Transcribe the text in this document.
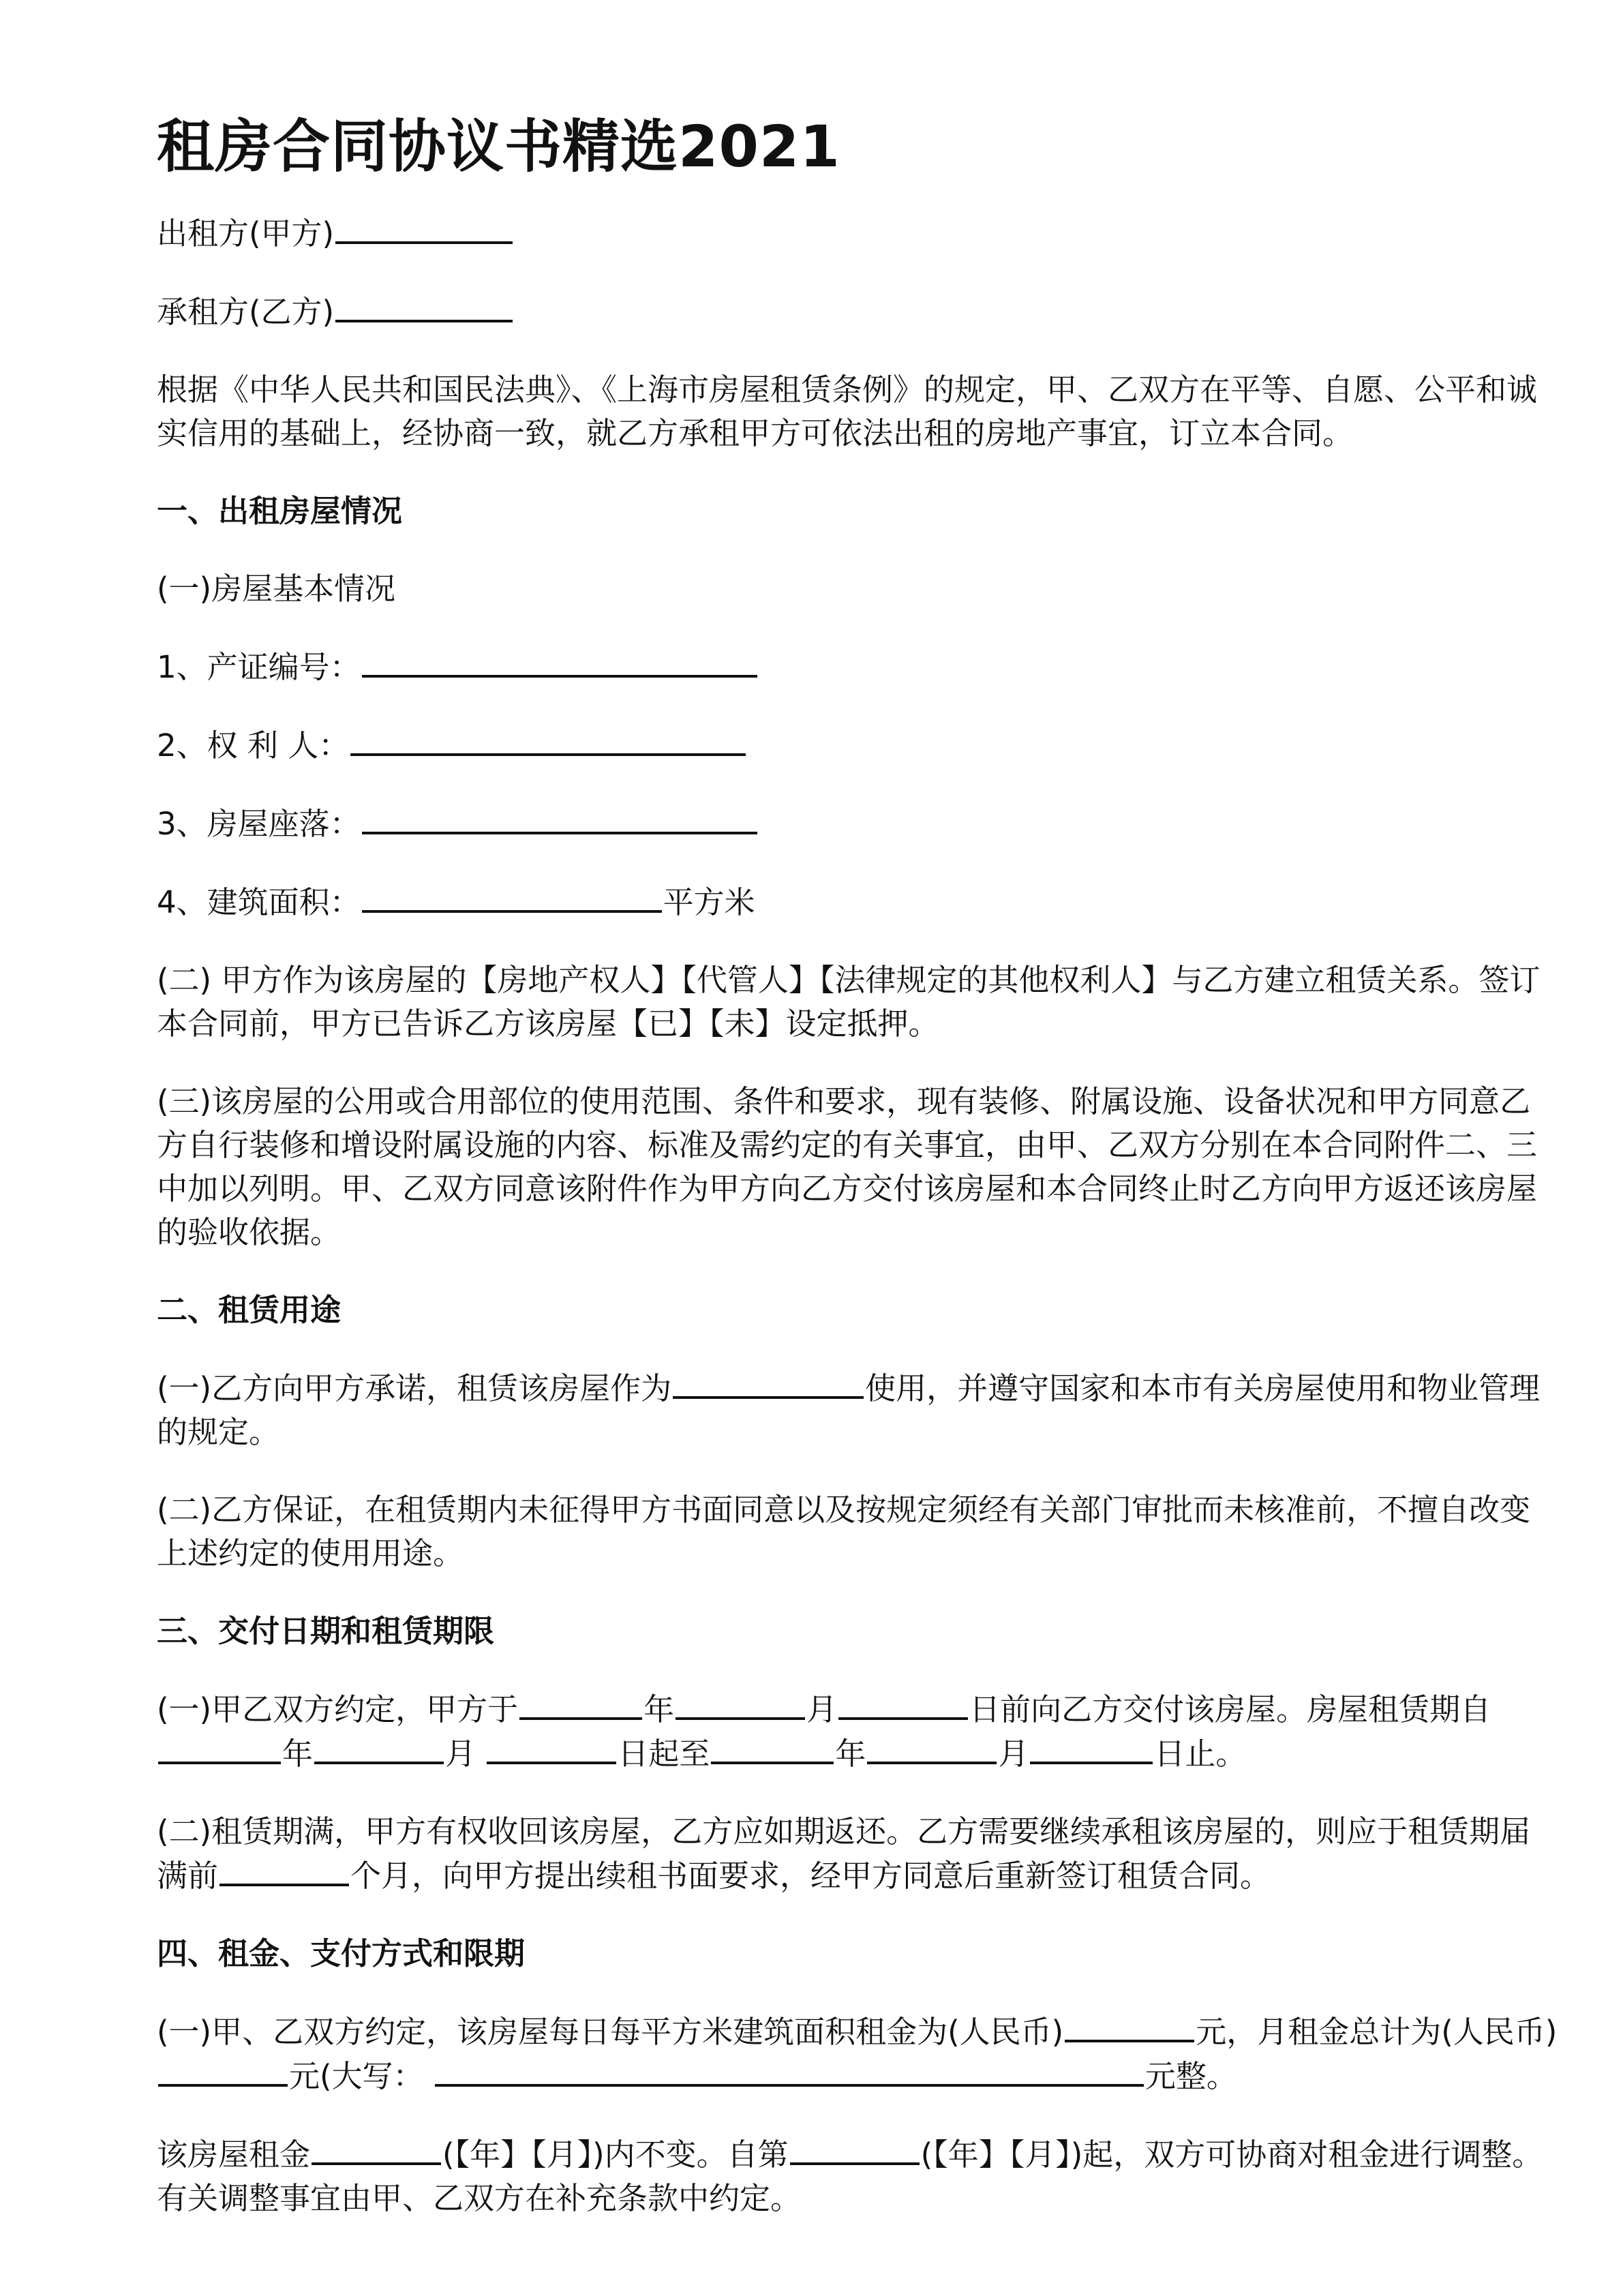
租房合同协议书精选2021

出租方(甲方)

承租方(乙方)

根据《中华人民共和国民法典》、《上海市房屋租赁条例》的规定，甲、乙双方在平等、自愿、公平和诚实信用的基础上，经协商一致，就乙方承租甲方可依法出租的房地产事宜，订立本合同。

一、出租房屋情况

(一)房屋基本情况

1、产证编号：

2、权 利 人：

3、房屋座落：

4、建筑面积：	平方米

(二) 甲方作为该房屋的【房地产权人】【代管人】【法律规定的其他权利人】与乙方建立租赁关系。签订本合同前，甲方已告诉乙方该房屋【已】【未】设定抵押。

(三)该房屋的公用或合用部位的使用范围、条件和要求，现有装修、附属设施、设备状况和甲方同意乙方自行装修和增设附属设施的内容、标准及需约定的有关事宜，由甲、乙双方分别在本合同附件二、三中加以列明。甲、乙双方同意该附件作为甲方向乙方交付该房屋和本合同终止时乙方向甲方返还该房屋的验收依据。

二、租赁用途

(一)乙方向甲方承诺，租赁该房屋作为	使用，并遵守国家和本市有关房屋使用和物业管理的规定。

(二)乙方保证，在租赁期内未征得甲方书面同意以及按规定须经有关部门审批而未核准前，不擅自改变上述约定的使用用途。

三、交付日期和租赁期限

(一)甲乙双方约定，甲方于	年	月	日前向乙方交付该房屋。房屋租赁期自年	月	日起至	年	月	日止。

(二)租赁期满，甲方有权收回该房屋，乙方应如期返还。乙方需要继续承租该房屋的，则应于租赁期届满前	个月，向甲方提出续租书面要求，经甲方同意后重新签订租赁合同。

四、租金、支付方式和限期

(一)甲、乙双方约定，该房屋每日每平方米建筑面积租金为(人民币)	元，月租金总计为(人民币) 元(大写：	元整。

该房屋租金	(【年】【月】)内不变。自第	(【年】【月】)起，双方可协商对租金进行调整。有关调整事宜由甲、乙双方在补充条款中约定。
